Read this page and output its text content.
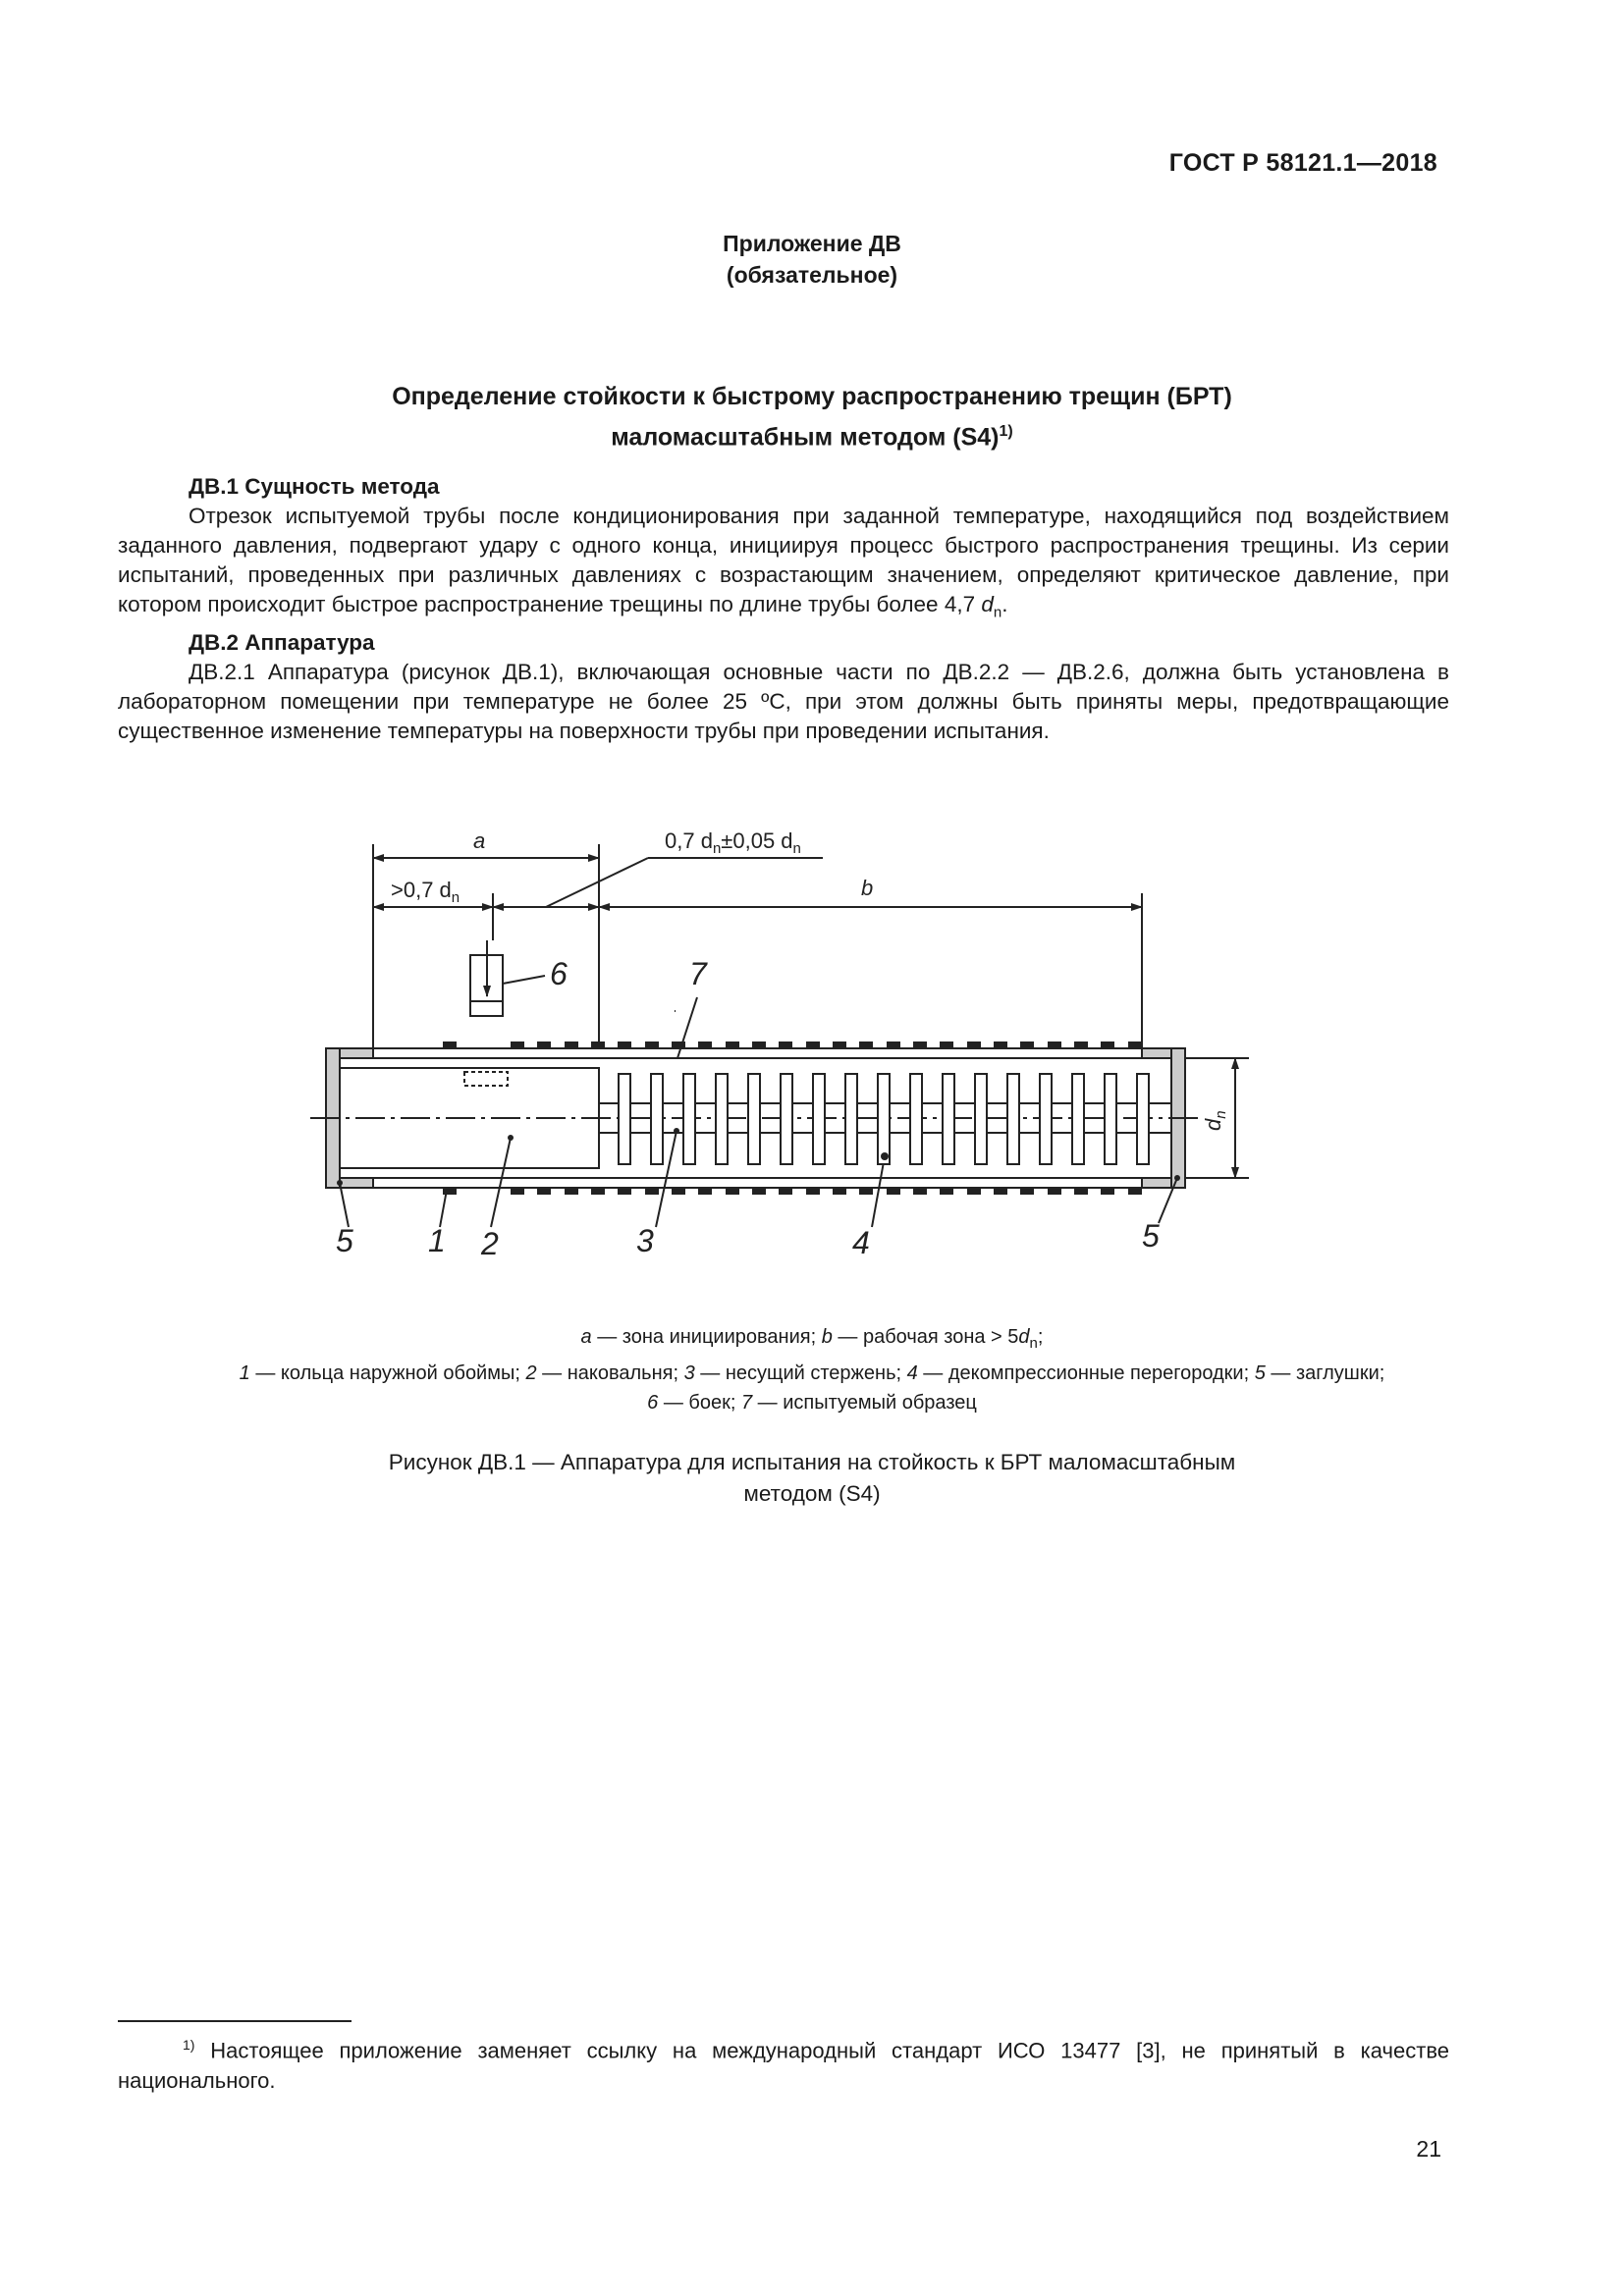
ГОСТ Р 58121.1—2018
Приложение ДВ
(обязательное)
Определение стойкости к быстрому распространению трещин (БРТ)
маломасштабным методом $(S4)^{1)}$
ДВ.1 Сущность метода
Отрезок испытуемой трубы после кондиционирования при заданной температуре, находящийся под воздействием заданного давления, подвергают удару с одного конца, инициируя процесс быстрого распространения трещины. Из серии испытаний, проведенных при различных давлениях с возрастающим значением, определяют критическое давление, при котором происходит быстрое распространение трещины по длине трубы более 4,7 $d_n$.
ДВ.2 Аппаратура
ДВ.2.1 Аппаратура (рисунок ДВ.1), включающая основные части по ДВ.2.2 — ДВ.2.6, должна быть установлена в лабораторном помещении при температуре не более 25 ºС, при этом должны быть приняты меры, предотвращающие существенное изменение температуры на поверхности трубы при проведении испытания.
a
b
>0,7 $d_n$
0,7 $d_n\pm 0,05$ $d_n$
$d_n$
5 1 2	3	4	5
6	7
a — зона инициирования; b — рабочая зона > $5d_n$;
1 — кольца наружной обоймы; 2 — наковальня; 3 — несущий стержень; 4 — декомпрессионные перегородки; 5 — заглушки;
6 — боек; 7 — испытуемый образец
Рисунок ДВ.1 — Аппаратура для испытания на стойкость к БРТ маломасштабным
методом (S4)
$^{1)}$ Настоящее приложение заменяет ссылку на международный стандарт ИСО 13477 [3], не принятый в качестве национального.
21
